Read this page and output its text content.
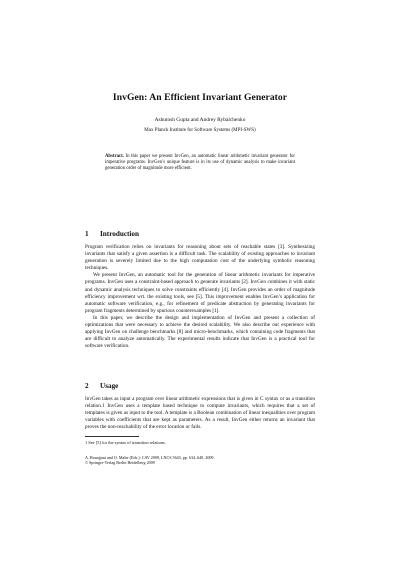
InvGen: An Efficient Invariant Generator
Ashutosh Gupta and Andrey Rybalchenko
Max Planck Institute for Software Systems (MPI-SWS)
Abstract. In this paper we present InvGen, an automatic linear arithmetic invariant generator for imperative programs. InvGen’s unique feature is in its use of dynamic analysis to make invariant generation order of magnitude more efficient.
1 Introduction

Program verification relies on invariants for reasoning about sets of reachable states [3]. Synthesizing invariants that satisfy a given assertion is a difficult task. The scalability of existing approaches to invariant generation is severely limited due to the high computation cost of the underlying symbolic reasoning techniques.

We present InvGen, an automatic tool for the generation of linear arithmetic invariants for imperative programs. InvGen uses a constraint-based approach to generate invariants [2]. InvGen combines it with static and dynamic analysis techniques to solve constraints efficiently [4]. InvGen provides an order of magnitude efficiency improvement wrt. the existing tools, see [5]. This improvement enables InvGen’s application for automatic software verification, e.g., for refinement of predicate abstraction by generating invariants for program fragments determined by spurious counterexamples [1].

In this paper, we describe the design and implementation of InvGen and present a collection of optimizations that were necessary to achieve the desired scalability. We also describe our experience with applying InvGen on challenge benchmarks [8] and micro-benchmarks, which containing code fragments that are difficult to analyze automatically. The experimental results indicate that InvGen is a practical tool for software verification.

2 Usage

InvGen takes as input a program over linear arithmetic expressions that is given in C syntax or as a transition relation.1 InvGen uses a template based technique to compute invariants, which requires that a set of templates is given as input to the tool. A template is a Boolean combination of linear inequalities over program variables with coefficients that are kept as parameters. As a result, InvGen either returns an invariant that proves the non-reachability of the error location or fails.

1 See [5] for the syntax of transition relations.
A. Bouajjani and O. Maler (Eds.): CAV 2009, LNCS 5643, pp. 634–640, 2009.
© Springer-Verlag Berlin Heidelberg 2009
